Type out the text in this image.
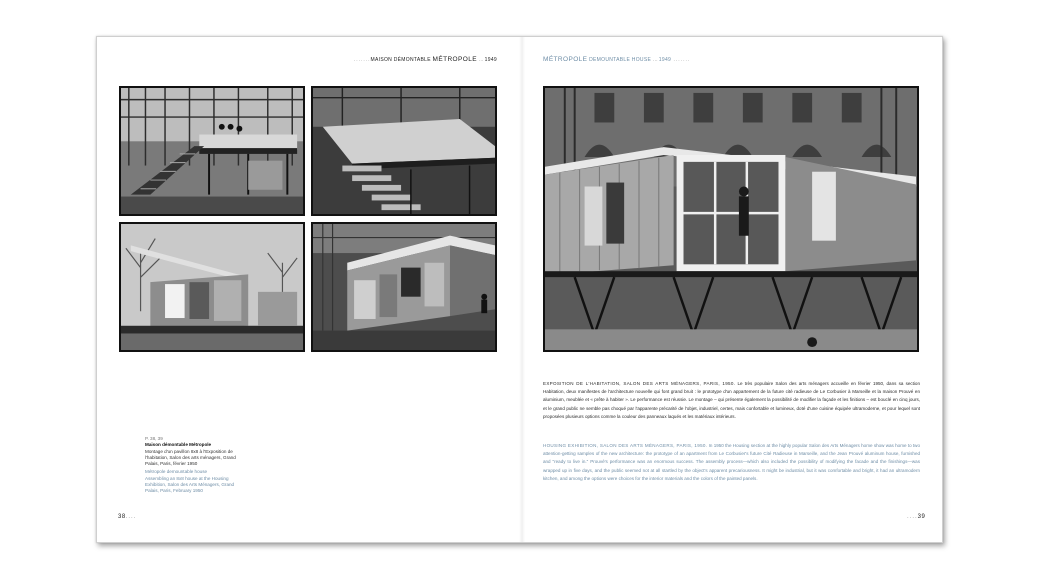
.......MAISON DÉMONTABLE MÉTROPOLE …1949	MÉTROPOLE DEMOUNTABLE HOUSE …1949 .......
P. 38, 39
Maison démontable Métropole
Montage d'un pavillon 8x8 à l'Exposition de l'habitation, Salon des arts ménagers, Grand Palais, Paris, février 1950
Métropole demountable house
Assembling an 8x8 house at the Housing Exhibition, Salon des Arts Ménagers, Grand Palais, Paris, February 1950
EXPOSITION DE L'HABITATION, SALON DES ARTS MÉNAGERS, PARIS, 1950. Le très populaire Salon des arts ménagers accueille en février 1950, dans sa section Habitation, deux manifestes de l'architecture nouvelle qui font grand bruit : le prototype d'un appartement de la future cité radieuse de Le Corbusier à Marseille et la maison Prouvé en aluminium, meublée et « prête à habiter ». Le performance est réussie. Le montage – qui présente également la possibilité de modifier la façade et les finitions – est bouclé en cinq jours, et le grand public ne semble pas choqué par l'apparente précarité de l'objet, industriel, certes, mais confortable et lumineux, doté d'une cuisine équipée ultramoderne, et pour lequel sont proposées plusieurs options comme la couleur des panneaux laqués et les matériaux intérieurs.
HOUSING EXHIBITION, SALON DES ARTS MÉNAGERS, PARIS, 1950. In 1950 the Housing section at the highly popular Salon des Arts Ménagers home show was home to two attention-getting samples of the new architecture: the prototype of an apartment from Le Corbusier's future Cité Radieuse in Marseille, and the Jean Prouvé aluminum house, furnished and "ready to live in." Prouvé's performance was an enormous success. The assembly process—which also included the possibility of modifying the facade and the finishings—was wrapped up in five days, and the public seemed not at all startled by the object's apparent precariousness. It might be industrial, but it was comfortable and bright, it had an ultramodern kitchen, and among the options were choices for the interior materials and the colors of the painted panels.
38....	....39
